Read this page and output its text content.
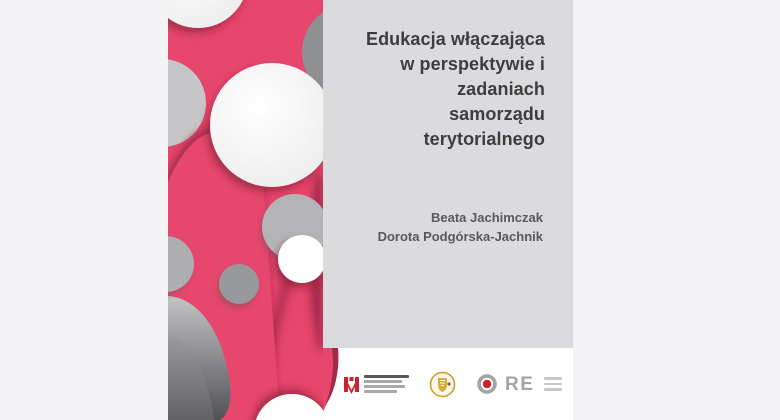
Edukacja włączająca
w perspektywie i zadaniach
samorządu terytorialnego
Beata Jachimczak
Dorota Podgórska-Jachnik
RE
